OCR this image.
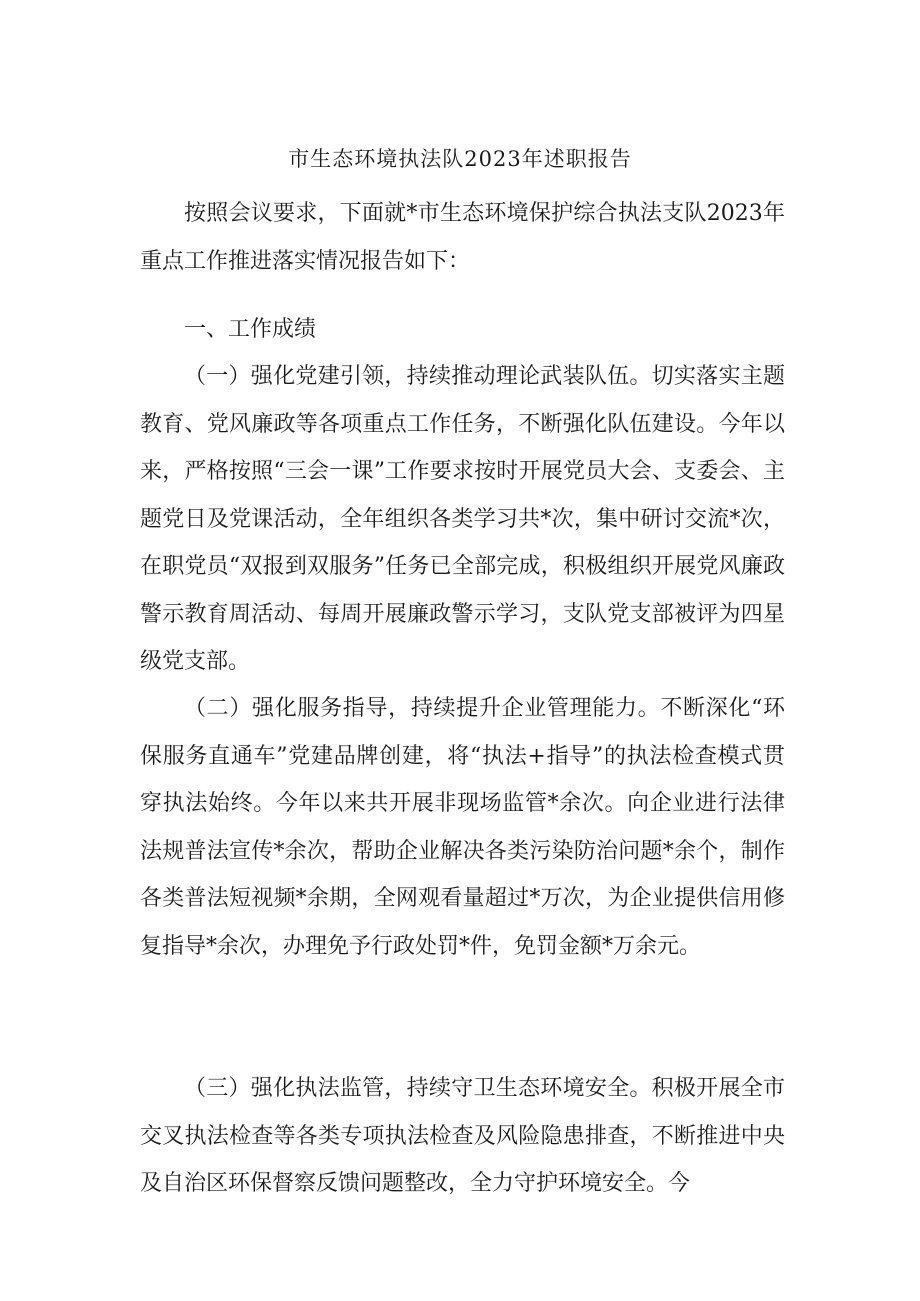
市生态环境执法队2023年述职报告

按照会议要求，下面就*市生态环境保护综合执法支队2023年重点工作推进落实情况报告如下：

一、工作成绩

（一）强化党建引领，持续推动理论武装队伍。切实落实主题教育、党风廉政等各项重点工作任务，不断强化队伍建设。今年以来，严格按照“三会一课”工作要求按时开展党员大会、支委会、主题党日及党课活动，全年组织各类学习共*次，集中研讨交流*次，在职党员“双报到双服务”任务已全部完成，积极组织开展党风廉政警示教育周活动、每周开展廉政警示学习，支队党支部被评为四星级党支部。

（二）强化服务指导，持续提升企业管理能力。不断深化“环保服务直通车”党建品牌创建，将“执法+指导”的执法检查模式贯穿执法始终。今年以来共开展非现场监管*余次。向企业进行法律法规普法宣传*余次，帮助企业解决各类污染防治问题*余个，制作各类普法短视频*余期，全网观看量超过*万次，为企业提供信用修复指导*余次，办理免予行政处罚*件，免罚金额*万余元。

（三）强化执法监管，持续守卫生态环境安全。积极开展全市交叉执法检查等各类专项执法检查及风险隐患排查，不断推进中央及自治区环保督察反馈问题整改，全力守护环境安全。今
